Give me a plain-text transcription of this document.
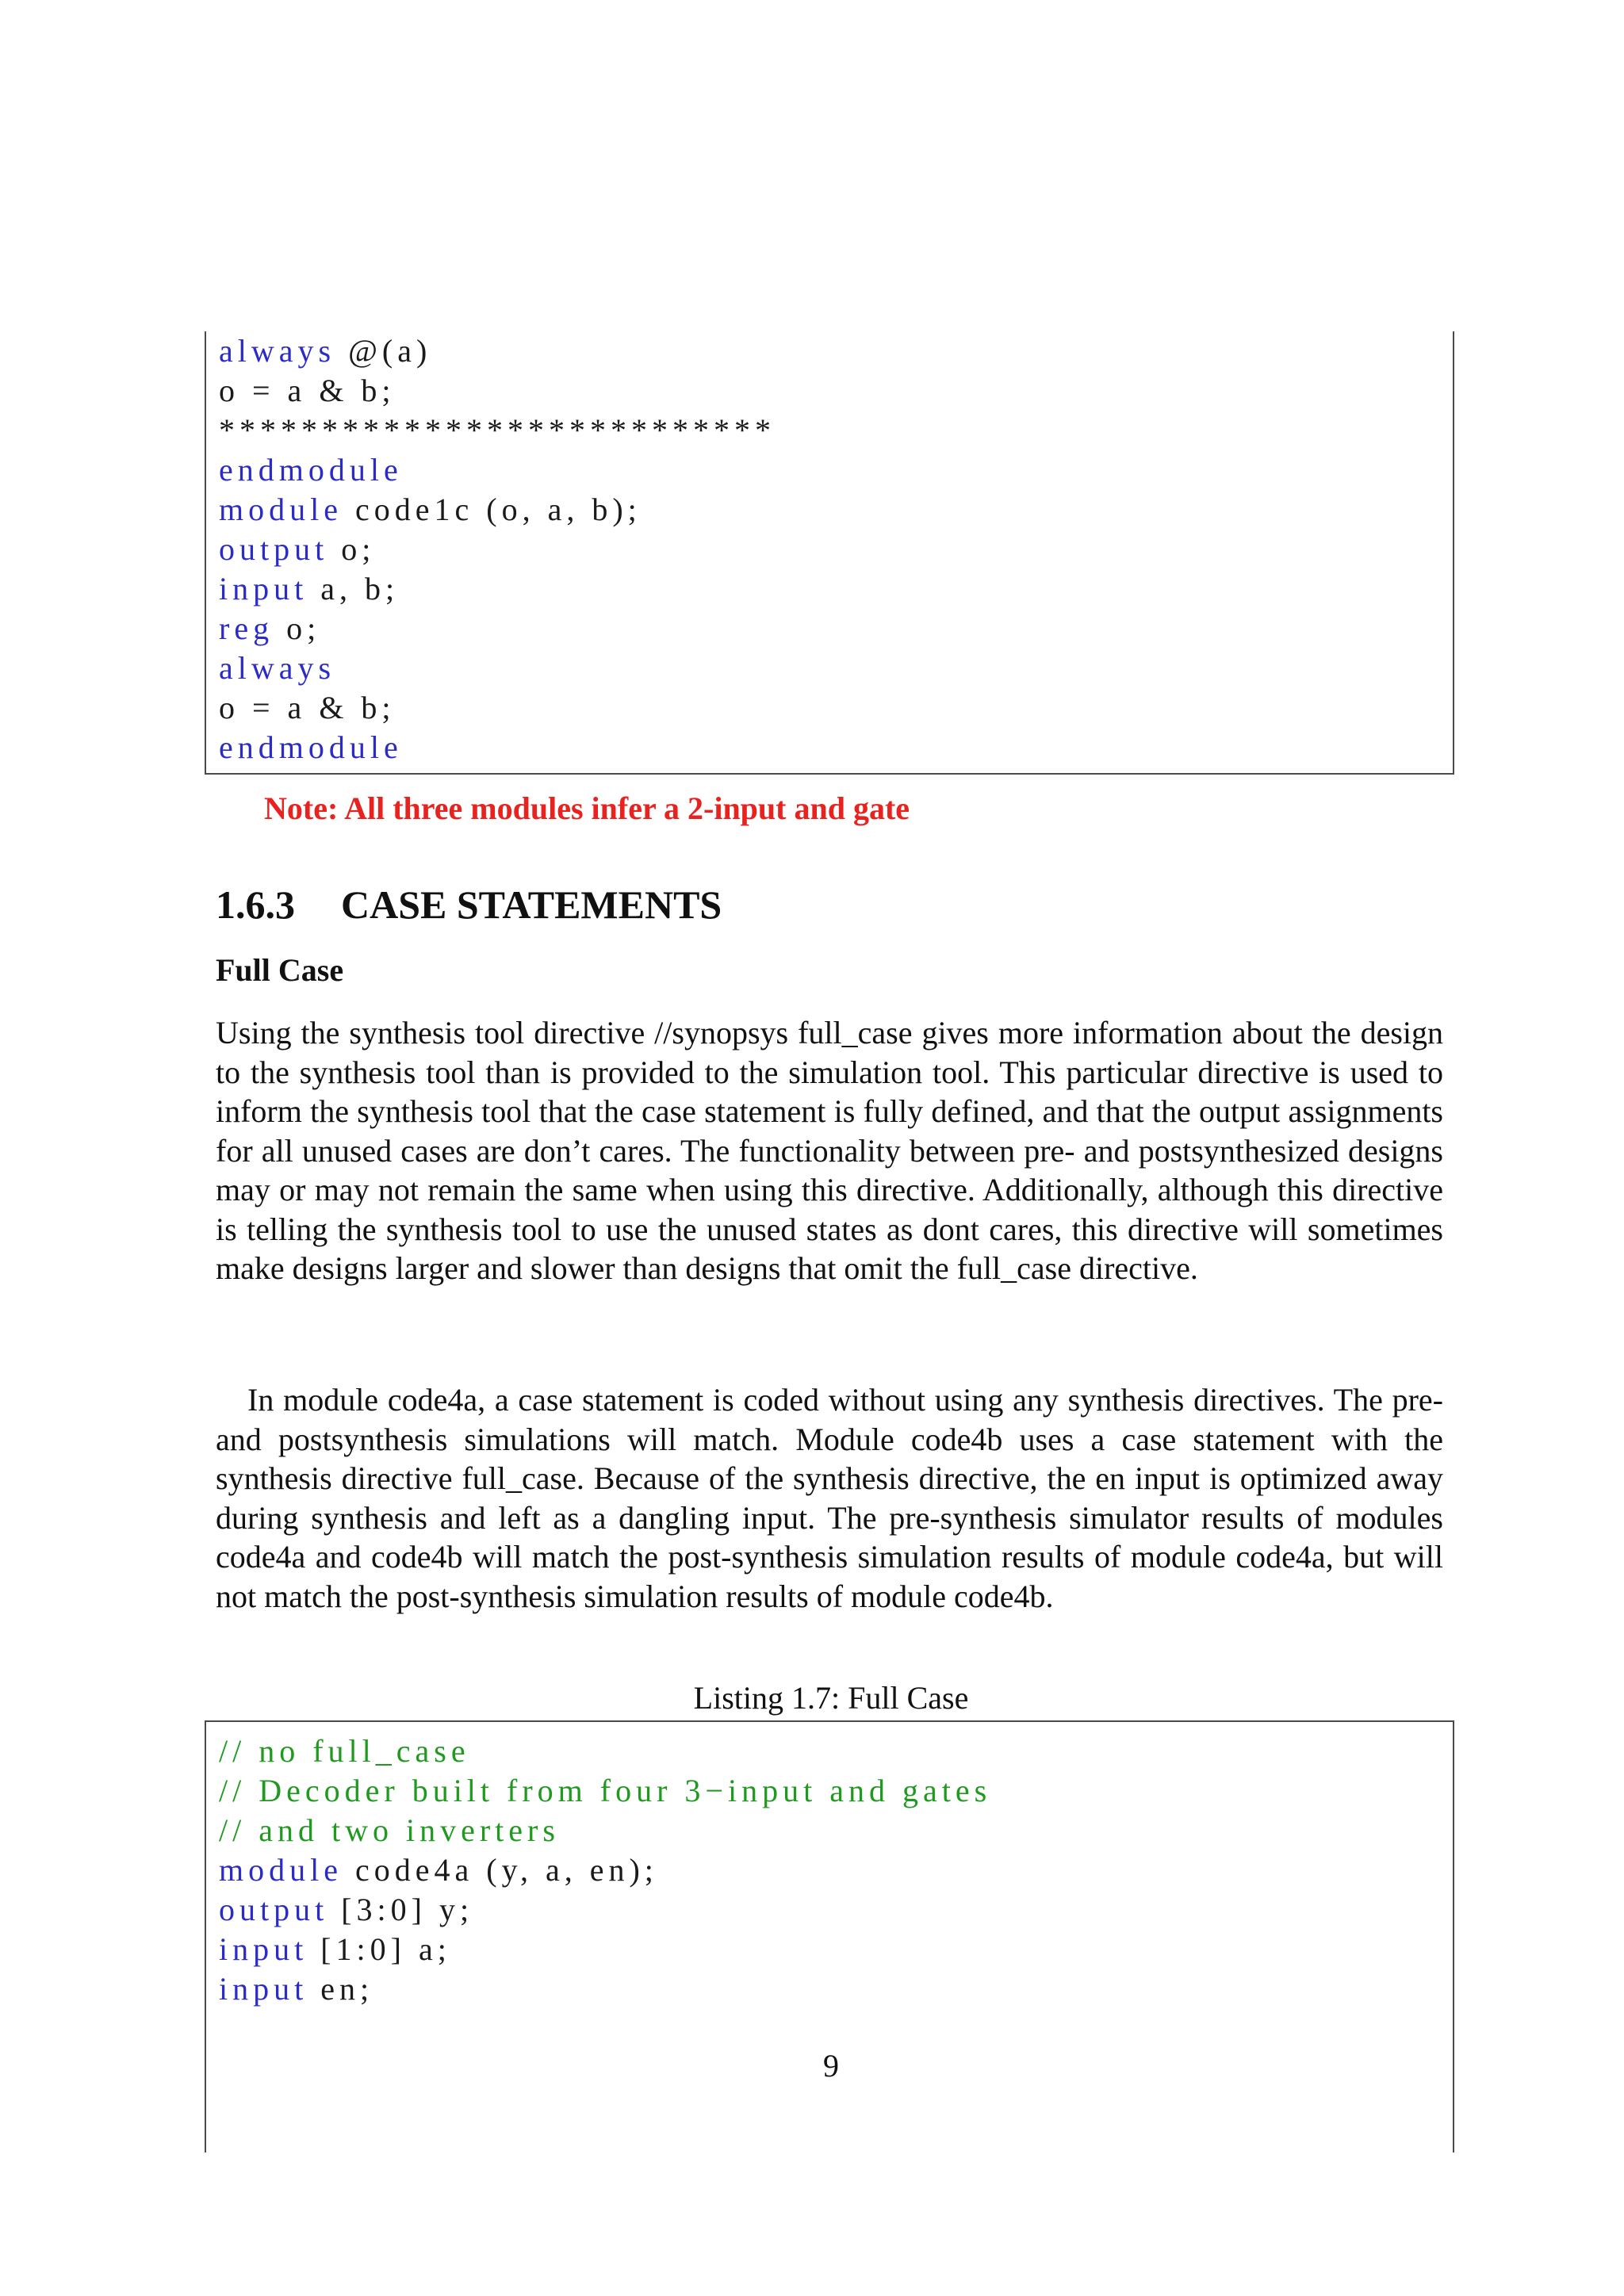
always @(a)
o = a & b;
***************************
endmodule
module code1c (o, a, b);
output o;
input a, b;
reg o;
always
o = a & b;
endmodule
Note: All three modules infer a 2-input and gate
1.6.3 CASE STATEMENTS
Full Case

Using the synthesis tool directive //synopsys full_case gives more information about the design to the synthesis tool than is provided to the simulation tool. This particular directive is used to inform the synthesis tool that the case statement is fully defined, and that the output assignments for all unused cases are don’t cares. The functionality between pre- and postsynthesized designs may or may not remain the same when using this directive. Additionally, although this directive is telling the synthesis tool to use the unused states as dont cares, this directive will sometimes make designs larger and slower than designs that omit the full_case directive.

In module code4a, a case statement is coded without using any synthesis directives. The pre- and postsynthesis simulations will match. Module code4b uses a case statement with the synthesis directive full_case. Because of the synthesis directive, the en input is optimized away during synthesis and left as a dangling input. The pre-synthesis simulator results of modules code4a and code4b will match the post-synthesis simulation results of module code4a, but will not match the post-synthesis simulation results of module code4b.

Listing 1.7: Full Case
// no full_case
// Decoder built from four 3−input and gates
// and two inverters
module code4a (y, a, en);
output [3:0] y;
input [1:0] a;
input en;
9
